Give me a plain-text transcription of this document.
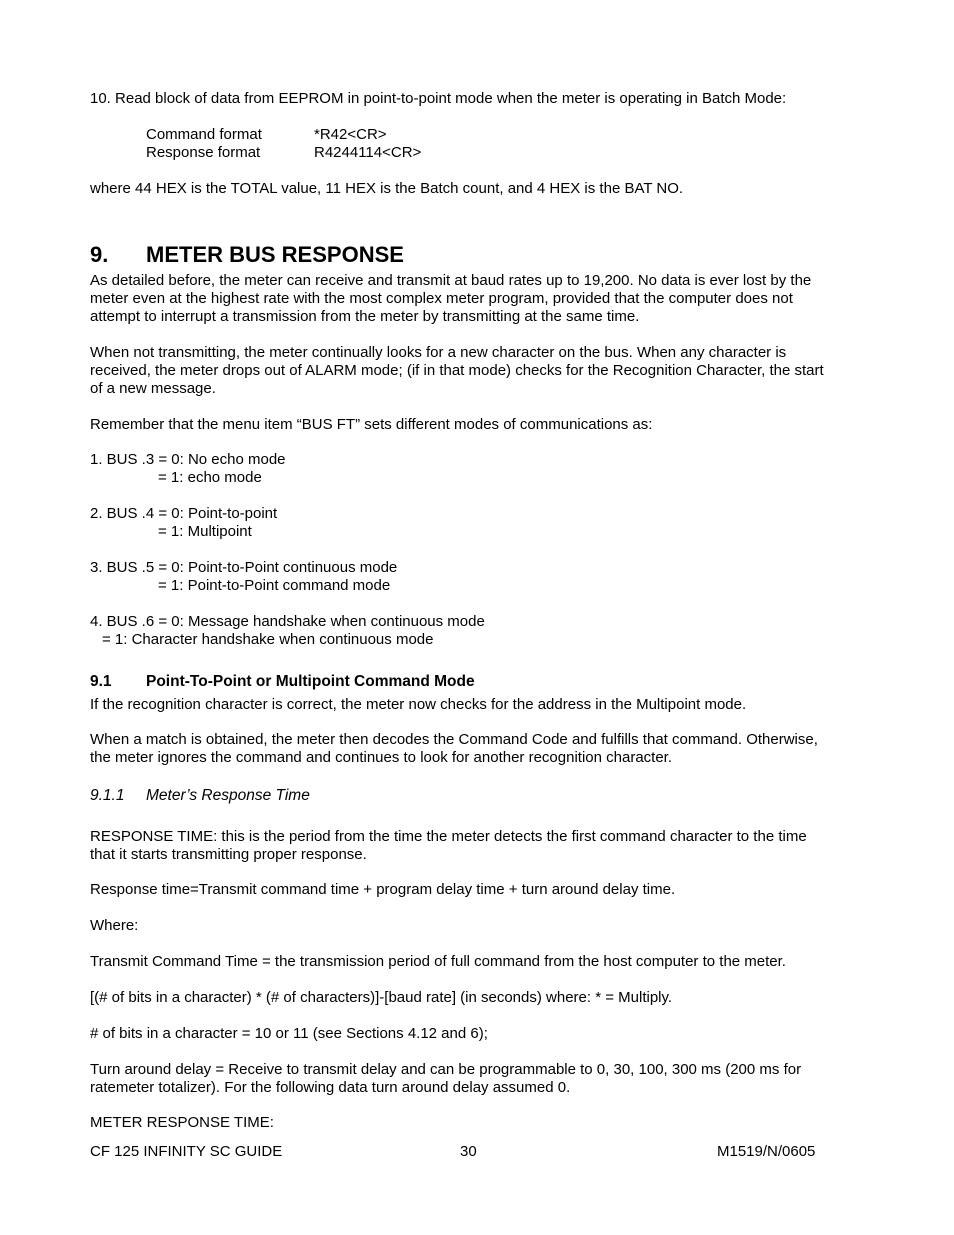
10. Read block of data from EEPROM in point-to-point mode when the meter is operating in Batch Mode:
Command format	*R42<CR>
Response format	R4244114<CR>
where 44 HEX is the TOTAL value, 11 HEX is the Batch count, and 4 HEX is the BAT NO.
9. METER BUS RESPONSE
As detailed before, the meter can receive and transmit at baud rates up to 19,200. No data is ever lost by the
meter even at the highest rate with the most complex meter program, provided that the computer does not
attempt to interrupt a transmission from the meter by transmitting at the same time.
When not transmitting, the meter continually looks for a new character on the bus. When any character is
received, the meter drops out of ALARM mode; (if in that mode) checks for the Recognition Character, the start
of a new message.
Remember that the menu item “BUS FT” sets different modes of communications as:
1. BUS .3 = 0: No echo mode
= 1: echo mode
2. BUS .4 = 0: Point-to-point
= 1: Multipoint
3. BUS .5 = 0: Point-to-Point continuous mode
= 1: Point-to-Point command mode
4. BUS .6 = 0: Message handshake when continuous mode
= 1: Character handshake when continuous mode
9.1 Point-To-Point or Multipoint Command Mode
If the recognition character is correct, the meter now checks for the address in the Multipoint mode.
When a match is obtained, the meter then decodes the Command Code and fulfills that command. Otherwise,
the meter ignores the command and continues to look for another recognition character.
9.1.1 Meter’s Response Time
RESPONSE TIME: this is the period from the time the meter detects the first command character to the time
that it starts transmitting proper response.
Response time=Transmit command time + program delay time + turn around delay time.
Where:
Transmit Command Time = the transmission period of full command from the host computer to the meter.
[(# of bits in a character) * (# of characters)]-[baud rate] (in seconds) where: * = Multiply.
# of bits in a character = 10 or 11 (see Sections 4.12 and 6);
Turn around delay = Receive to transmit delay and can be programmable to 0, 30, 100, 300 ms (200 ms for
ratemeter totalizer). For the following data turn around delay assumed 0.
METER RESPONSE TIME:
CF 125 INFINITY SC GUIDE	30	M1519/N/0605
